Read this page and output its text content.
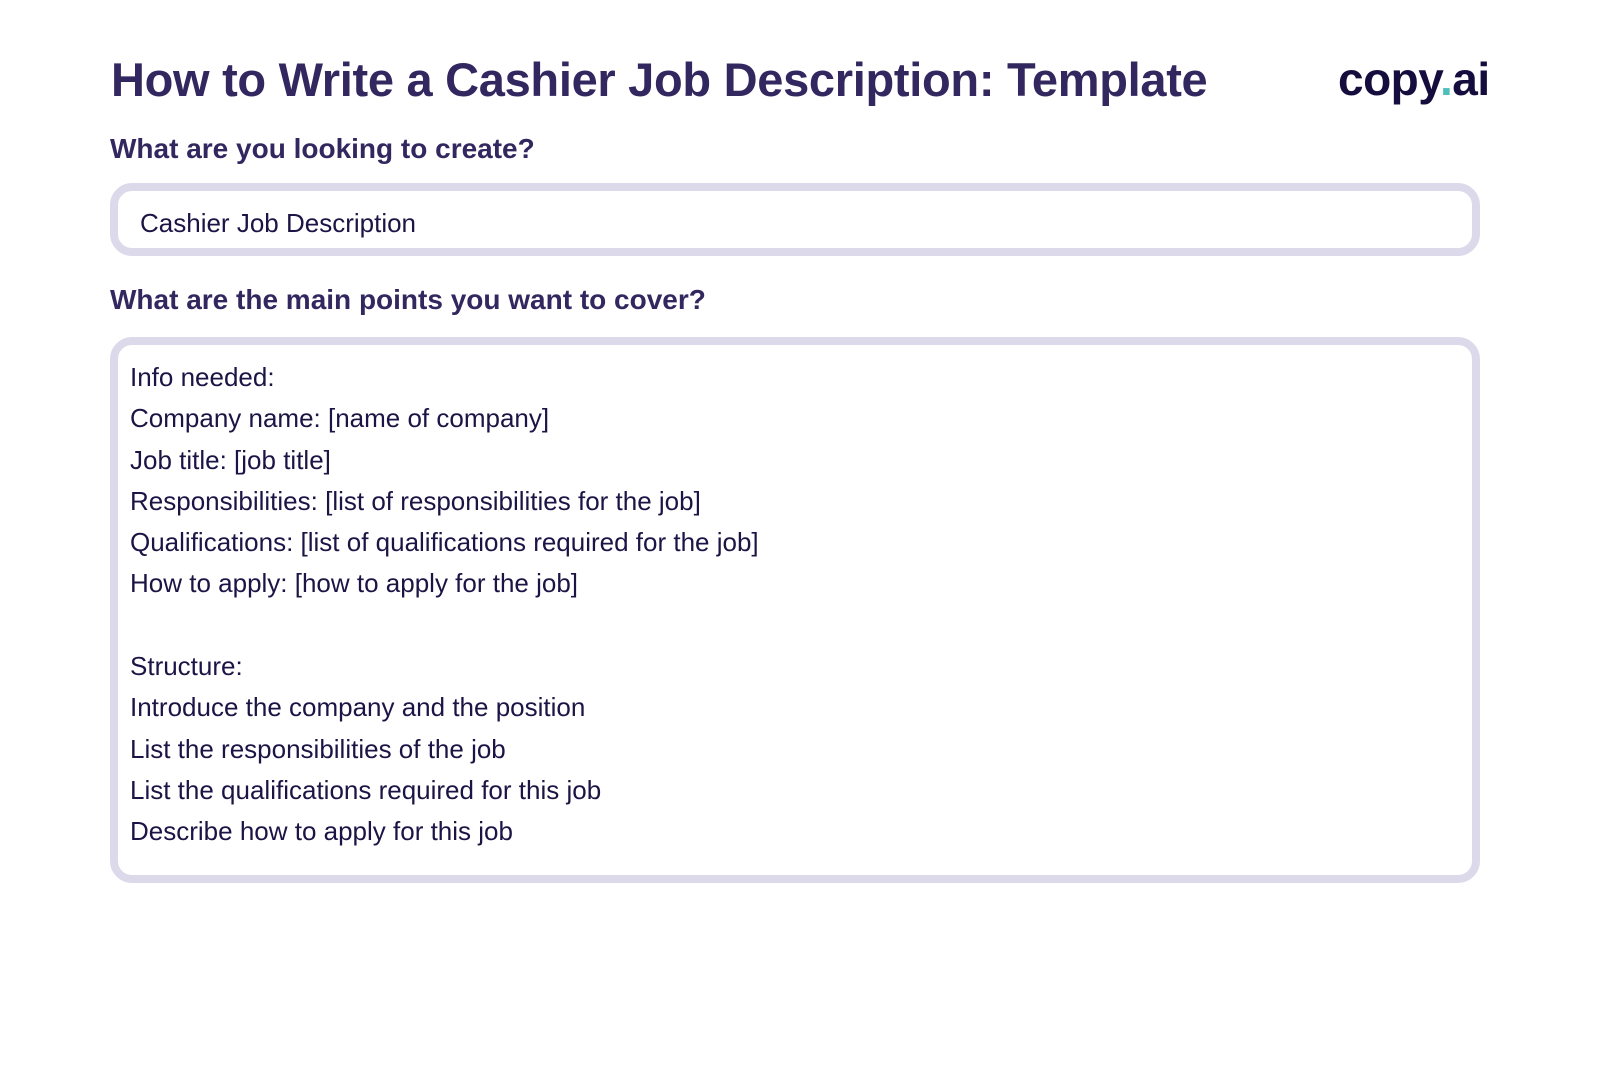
How to Write a Cashier Job Description: Template	copy.ai
What are you looking to create?
Cashier Job Description
What are the main points you want to cover?
Info needed:
Company name: [name of company]
Job title: [job title]
Responsibilities: [list of responsibilities for the job]
Qualifications: [list of qualifications required for the job]
How to apply: [how to apply for the job]
Structure:
Introduce the company and the position
List the responsibilities of the job
List the qualifications required for this job
Describe how to apply for this job
